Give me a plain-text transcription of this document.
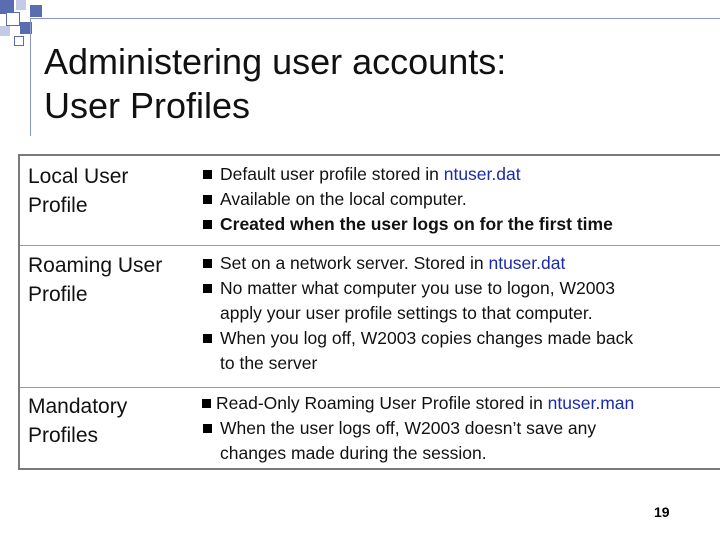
Administering user accounts:
User Profiles
Local User
Profile
Default user profile stored in ntuser.dat
Available on the local computer.
Created when the user logs on for the first time
Roaming User
Profile
Set on a network server. Stored in ntuser.dat
No matter what computer you use to logon, W2003
apply your user profile settings to that computer.
When you log off, W2003 copies changes made back
to the server
Mandatory
Profiles
Read-Only Roaming User Profile stored in ntuser.man
When the user logs off, W2003 doesn’t save any
changes made during the session.
19
